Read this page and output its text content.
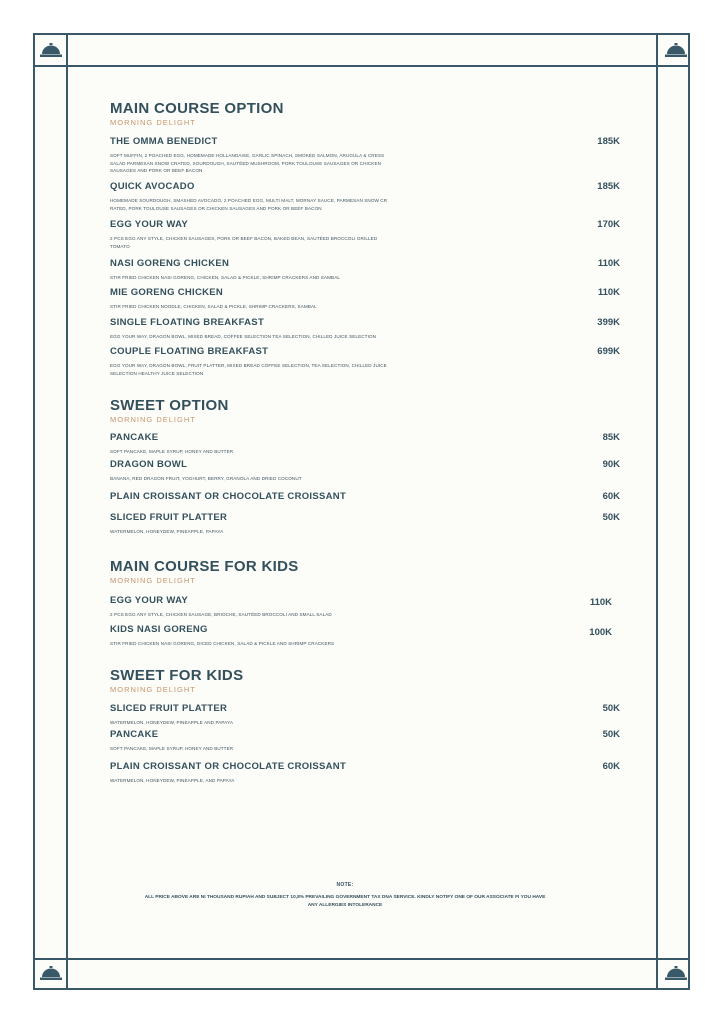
MAIN COURSE OPTION
MORNING DELIGHT
THE OMMA BENEDICT	185K
SOFT MUFFIN, 2 POACHED EGG, HOMEMADE HOLLANDAISE, GARLIC SPINACH, SMOKED SALMON, ARUGULA & CRESS SALAD PARMESAN SNOW CRATED, SOURDOUGH, SAUTÉED MUSHROOM, PORK TOULOUSE SAUSAGES OR CHICKEN SAUSAGES AND PORK OR BEEF BACON
QUICK AVOCADO	185K
HOMEMADE SOURDOUGH, SMASHED AVOCADO, 2 POACHED EGG, MULTI MALT, MORNAY SAUCE, PARMESAN SNOW CR RATED, PORK TOULOUSE SAUSAGES OR CHICKEN SAUSAGES AND PORK OR BEEF BACON
EGG YOUR WAY	170K
2 PCS EGG ANY STYLE, CHICKEN SAUSAGES, PORK OR BEEF BACON, BAKED BEAN, SAUTÉED BROCCOLI GRILLED TOMATO
NASI GORENG CHICKEN	110K
STIR FRIED CHICKEN NASI GORENG, CHICKEN, SALAD & PICKLE, SHRIMP CRACKERS AND SAMBAL
MIE GORENG CHICKEN	110K
STIR FRIED CHICKEN NOODLE, CHICKEN, SALAD & PICKLE, SHRIMP CRACKERS, SAMBAL
SINGLE FLOATING BREAKFAST	399K
EGG YOUR WAY, DRAGON BOWL, MIXED BREAD, COFFEE SELECTION TEA SELECTION, CHILLED JUICE SELECTION
COUPLE FLOATING BREAKFAST	699K
EGG YOUR WAY, DRAGON BOWL, FRUIT PLATTER, MIXED BREAD COFFEE SELECTION, TEA SELECTION, CHILLED JUICE SELECTION HEALTHY JUICE SELECTION
SWEET OPTION
MORNING DELIGHT
PANCAKE	85K
SOFT PANCAKE, MAPLE SYRUP, HONEY AND BUTTER
DRAGON BOWL	90K
BANANA, RED DRAGON FRUIT, YOGHURT, BERRY, GRANOLA AND DRIED COCONUT
PLAIN CROISSANT OR CHOCOLATE CROISSANT	60K
SLICED FRUIT PLATTER	50K
WATERMELON, HONEYDEW, PINEAPPLE, PAPAYA
MAIN COURSE FOR KIDS
MORNING DELIGHT
EGG YOUR WAY	110K
2 PCS EGG ANY STYLE, CHICKEN SAUSAGE, BRIOCHE, SAUTÉED BROCCOLI AND SMALL SALAD
KIDS NASI GORENG	100K
STIR FRIED CHICKEN NASI GORENG, DICED CHICKEN, SALAD & PICKLE AND SHRIMP CRACKERS
SWEET FOR KIDS
MORNING DELIGHT
SLICED FRUIT PLATTER	50K
WATERMELON, HONEYDEW, PINEAPPLE AND PAPAYA
PANCAKE	50K
SOFT PANCAKE, MAPLE SYRUP, HONEY AND BUTTER
PLAIN CROISSANT OR CHOCOLATE CROISSANT	60K
WATERMELON, HONEYDEW, PINEAPPLE, AND PAPAYA
NOTE:
ALL PRICE ABOVE ARE NI THOUSAND RUPIAH AND SUBJECT 10,8% PREVAILING GOVERNMENT TAX DNA SERVICE. KINDLY NOTIFY ONE OF OUR ASSOCIATE FI YOU HAVE ANY ALLERGIES INTOLERANCE
